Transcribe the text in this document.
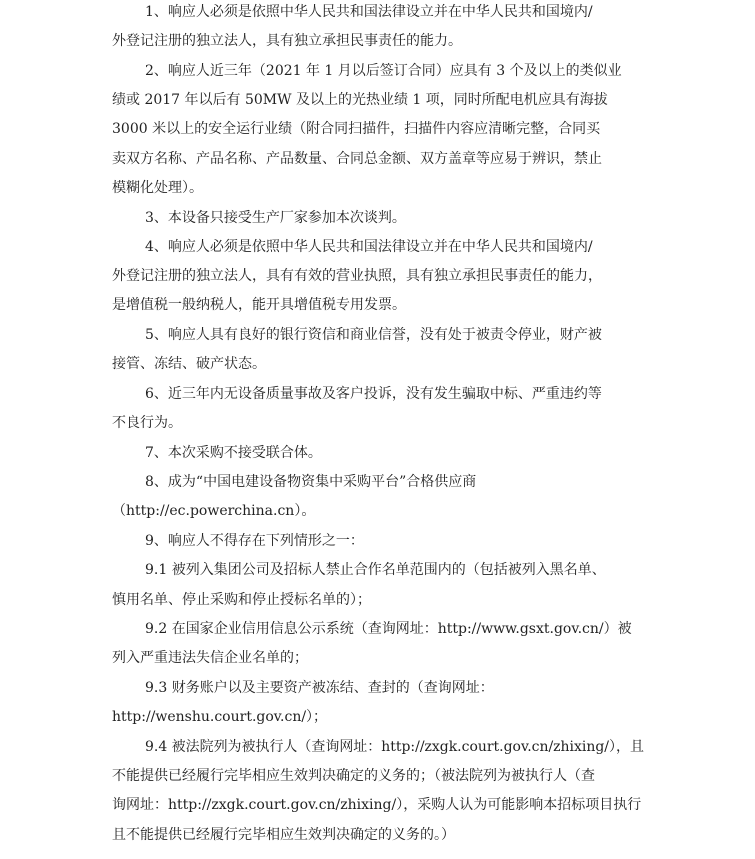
1、响应人必须是依照中华人民共和国法律设立并在中华人民共和国境内/
外登记注册的独立法人，具有独立承担民事责任的能力。
2、响应人近三年（2021 年 1 月以后签订合同）应具有 3 个及以上的类似业
绩或 2017 年以后有 50MW 及以上的光热业绩 1 项，同时所配电机应具有海拔
3000 米以上的安全运行业绩（附合同扫描件，扫描件内容应清晰完整，合同买
卖双方名称、产品名称、产品数量、合同总金额、双方盖章等应易于辨识，禁止
模糊化处理）。
3、本设备只接受生产厂家参加本次谈判。
4、响应人必须是依照中华人民共和国法律设立并在中华人民共和国境内/
外登记注册的独立法人，具有有效的营业执照，具有独立承担民事责任的能力，
是增值税一般纳税人，能开具增值税专用发票。
5、响应人具有良好的银行资信和商业信誉，没有处于被责令停业，财产被
接管、冻结、破产状态。
6、近三年内无设备质量事故及客户投诉，没有发生骗取中标、严重违约等
不良行为。
7、本次采购不接受联合体。
8、成为“中国电建设备物资集中采购平台”合格供应商
（http://ec.powerchina.cn）。
9、响应人不得存在下列情形之一：
9.1 被列入集团公司及招标人禁止合作名单范围内的（包括被列入黑名单、
慎用名单、停止采购和停止授标名单的）；
9.2 在国家企业信用信息公示系统（查询网址：http://www.gsxt.gov.cn/）被
列入严重违法失信企业名单的；
9.3 财务账户以及主要资产被冻结、查封的（查询网址：
http://wenshu.court.gov.cn/）；
9.4 被法院列为被执行人（查询网址：http://zxgk.court.gov.cn/zhixing/），且
不能提供已经履行完毕相应生效判决确定的义务的；（被法院列为被执行人（查
询网址：http://zxgk.court.gov.cn/zhixing/），采购人认为可能影响本招标项目执行
且不能提供已经履行完毕相应生效判决确定的义务的。）
